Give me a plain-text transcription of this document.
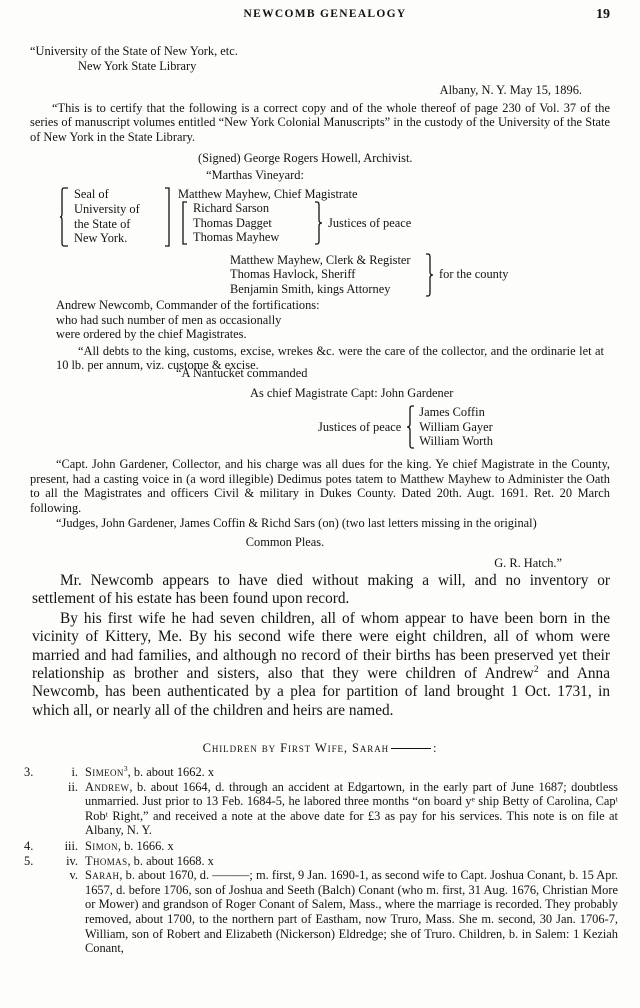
NEWCOMB GENEALOGY	19
“University of the State of New York, etc.
New York State Library
Albany, N. Y. May 15, 1896.
“This is to certify that the following is a correct copy and of the whole thereof of page 230 of Vol. 37 of the series of manuscript volumes entitled “New York Colonial Manuscripts” in the custody of the University of the State of New York in the State Library.
(Signed) George Rogers Howell, Archivist.
“Marthas Vineyard:
Seal of
University of
the State of
New York.
Matthew Mayhew, Chief Magistrate
Richard Sarson
Thomas Dagget
Thomas Mayhew
Justices of peace
Matthew Mayhew, Clerk & Register
Thomas Havlock, Sheriff
Benjamin Smith, kings Attorney
for the county
Andrew Newcomb, Commander of the fortifications:
who had such number of men as occasionally
were ordered by the chief Magistrates.
“All debts to the king, customs, excise, wrekes &c. were the care of the collector, and the ordinarie let at 10 lb. per annum, viz. custome & excise.
“A Nantucket commanded
As chief Magistrate Capt: John Gardener
Justices of peace
James Coffin
William Gayer
William Worth
“Capt. John Gardener, Collector, and his charge was all dues for the king. Ye chief Magistrate in the County, present, had a casting voice in (a word illegible) Dedimus potes tatem to Matthew Mayhew to Administer the Oath to all the Magistrates and officers Civil & military in Dukes County. Dated 20th. Augt. 1691. Ret. 20 March following.
“Judges, John Gardener, James Coffin & Richd Sars (on) (two last letters missing in the original)
Common Pleas.
G. R. Hatch.”
Mr. Newcomb appears to have died without making a will, and no inventory or settlement of his estate has been found upon record.
By his first wife he had seven children, all of whom appear to have been born in the vicinity of Kittery, Me. By his second wife there were eight children, all of whom were married and had families, and although no record of their births has been preserved yet their relationship as brother and sisters, also that they were children of Andrew$^2$ and Anna Newcomb, has been authenticated by a plea for partition of land brought 1 Oct. 1731, in which all, or nearly all of the children and heirs are named.
Children by First Wife, Sarah	:
3.	i. Simeon$^3$, b. about 1662. x
ii. Andrew, b. about 1664, d. through an accident at Edgartown, in the early part of June 1687; doubtless unmarried. Just prior to 13 Feb. 1684-5, he labored three months “on board yᵉ ship Betty of Carolina, Capᵗ Robᵗ Right,” and received a note at the above date for £3 as pay for his services. This note is on file at Albany, N. Y.
4.	iii. Simon, b. 1666. x
5.	iv. Thomas, b. about 1668. x
v. Sarah, b. about 1670, d. ———; m. first, 9 Jan. 1690-1, as second wife to Capt. Joshua Conant, b. 15 Apr. 1657, d. before 1706, son of Joshua and Seeth (Balch) Conant (who m. first, 31 Aug. 1676, Christian More or Mower) and grandson of Roger Conant of Salem, Mass., where the marriage is recorded. They probably removed, about 1700, to the northern part of Eastham, now Truro, Mass. She m. second, 30 Jan. 1706-7, William, son of Robert and Elizabeth (Nickerson) Eldredge; she of Truro. Children, b. in Salem: 1 Keziah Conant,
